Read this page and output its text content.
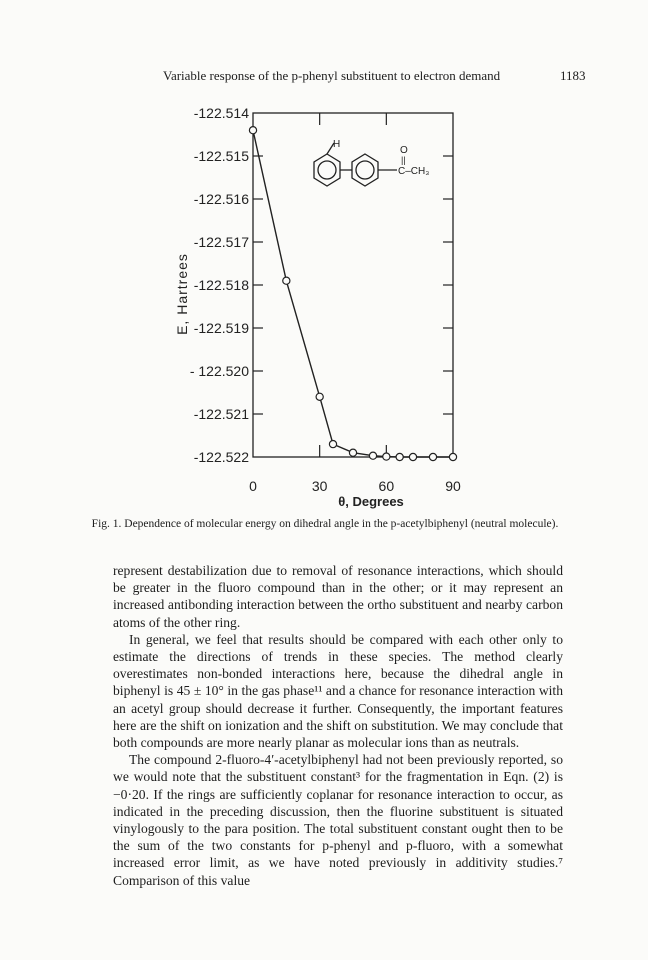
Variable response of the p-phenyl substituent to electron demand	1183
-122.514
-122.515
-122.516
-122.517
-122.518
-122.519
- 122.520
-122.521
-122.522
0	30	60	90
E, Hartrees
θ, Degrees
H
O
||
C–CH₃
Fig. 1. Dependence of molecular energy on dihedral angle in the p-acetylbiphenyl (neutral molecule).

represent destabilization due to removal of resonance interactions, which should be greater in the fluoro compound than in the other; or it may represent an increased antibonding interaction between the ortho substituent and nearby carbon atoms of the other ring.

In general, we feel that results should be compared with each other only to estimate the directions of trends in these species. The method clearly overestimates non-bonded interactions here, because the dihedral angle in biphenyl is 45 ± 10° in the gas phase¹¹ and a chance for resonance interaction with an acetyl group should decrease it further. Consequently, the important features here are the shift on ionization and the shift on substitution. We may conclude that both compounds are more nearly planar as molecular ions than as neutrals.

The compound 2-fluoro-4′-acetylbiphenyl had not been previously reported, so we would note that the substituent constant³ for the fragmentation in Eqn. (2) is −0·20. If the rings are sufficiently coplanar for resonance interaction to occur, as indicated in the preceding discussion, then the fluorine substituent is situated vinylogously to the para position. The total substituent constant ought then to be the sum of the two constants for p-phenyl and p-fluoro, with a somewhat increased error limit, as we have noted previously in additivity studies.⁷ Comparison of this value
